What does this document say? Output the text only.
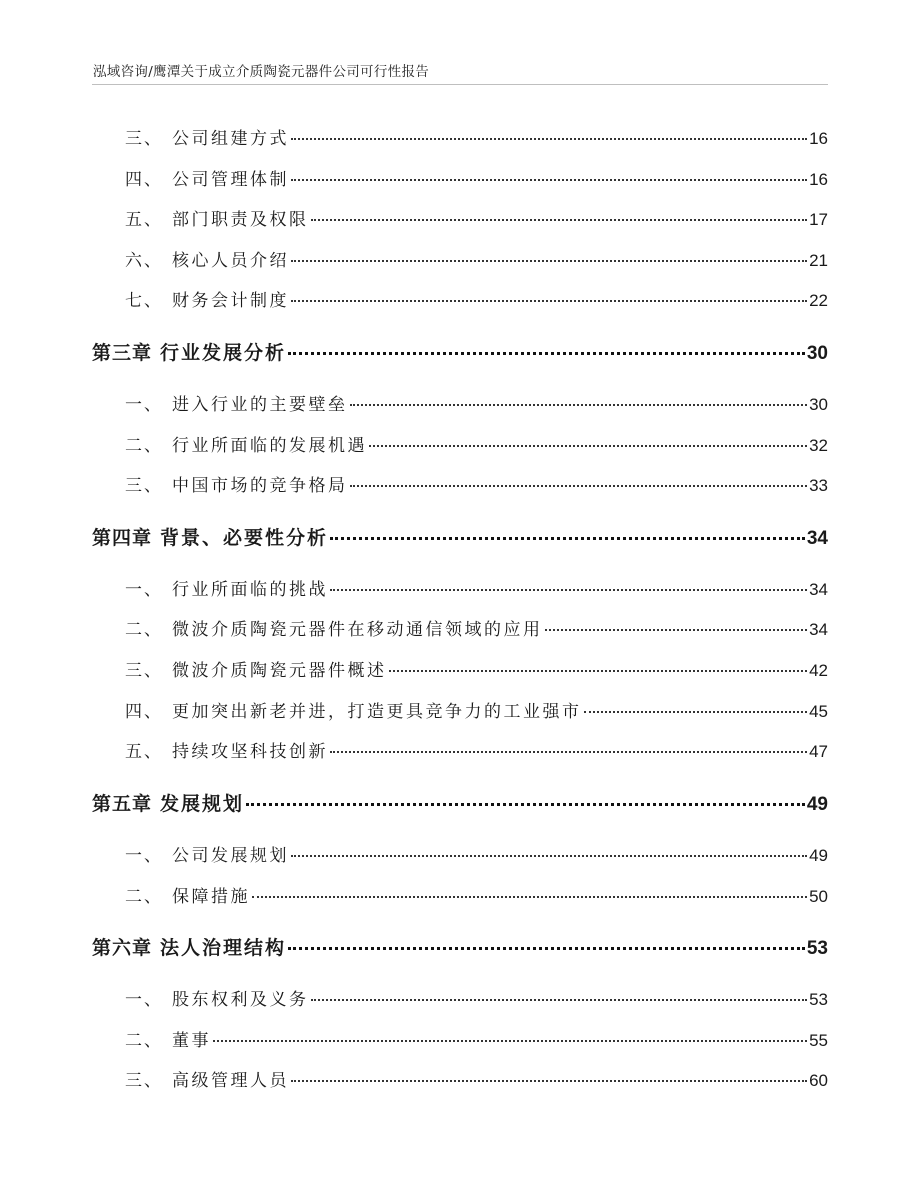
泓域咨询/鹰潭关于成立介质陶瓷元器件公司可行性报告
三、 公司组建方式	16
四、 公司管理体制	16
五、 部门职责及权限	17
六、 核心人员介绍	21
七、 财务会计制度	22
第三章 行业发展分析	30
一、 进入行业的主要壁垒	30
二、 行业所面临的发展机遇	32
三、 中国市场的竞争格局	33
第四章 背景、必要性分析	34
一、 行业所面临的挑战	34
二、 微波介质陶瓷元器件在移动通信领域的应用	34
三、 微波介质陶瓷元器件概述	42
四、 更加突出新老并进，打造更具竞争力的工业强市	45
五、 持续攻坚科技创新	47
第五章 发展规划	49
一、 公司发展规划	49
二、 保障措施	50
第六章 法人治理结构	53
一、 股东权利及义务	53
二、 董事	55
三、 高级管理人员	60
